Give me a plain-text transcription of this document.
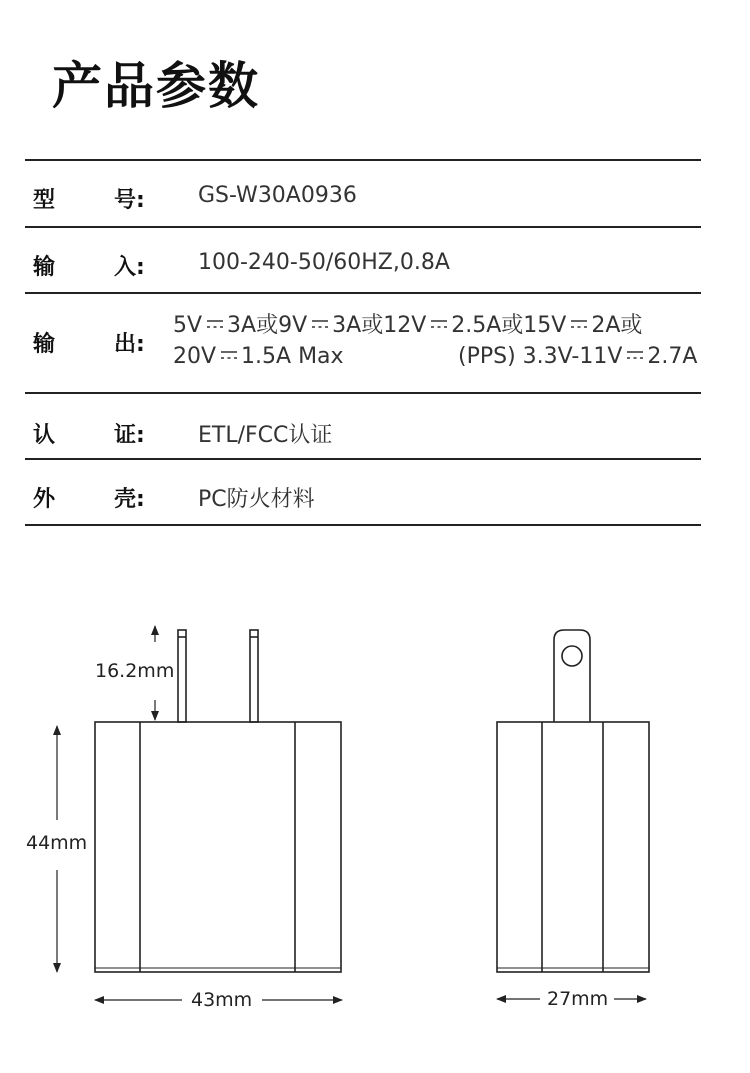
产品参数
型	号: GS-W30A0936
输	入: 100-240-50/60HZ,0.8A
输	出:
5V 3A或9V 3A或12V 2.5A或15V 2A或
20V 1.5A Max	(PPS) 3.3V-11V 2.7A
认	证: ETL/FCC认证
外	壳: PC防火材料
16.2mm
44mm
43mm	27mm
